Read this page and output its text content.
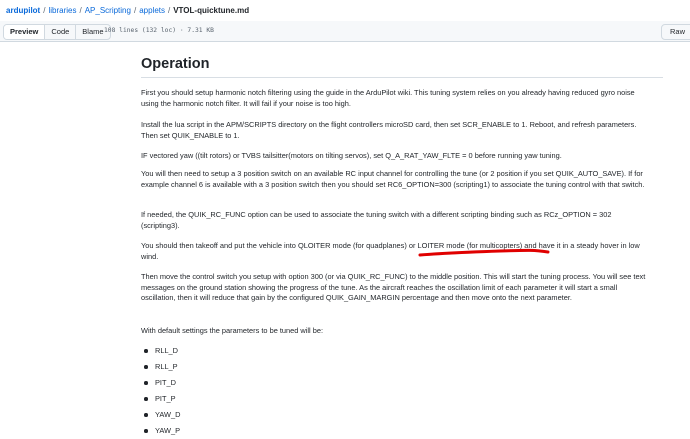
ardupilot / libraries / AP_Scripting / applets / VTOL-quicktune.md
Preview	Code	Blame 108 lines (132 loc) · 7.31 KB	Raw
Operation

First you should setup harmonic notch filtering using the guide in the ArduPilot wiki. This tuning system relies on you already having reduced gyro noise using the harmonic notch filter. It will fail if your noise is too high.

Install the lua script in the APM/SCRIPTS directory on the flight controllers microSD card, then set SCR_ENABLE to 1. Reboot, and refresh parameters. Then set QUIK_ENABLE to 1.

IF vectored yaw ((tilt rotors) or TVBS tailsitter(motors on tilting servos), set Q_A_RAT_YAW_FLTE = 0 before running yaw tuning.

You will then need to setup a 3 position switch on an available RC input channel for controlling the tune (or 2 position if you set QUIK_AUTO_SAVE). If for example channel 6 is available with a 3 position switch then you should set RC6_OPTION=300 (scripting1) to associate the tuning control with that switch.

If needed, the QUIK_RC_FUNC option can be used to associate the tuning switch with a different scripting binding such as RCz_OPTION = 302 (scripting3).

You should then takeoff and put the vehicle into QLOITER mode (for quadplanes) or LOITER mode (for multicopters) and have it in a steady hover in low wind.

Then move the control switch you setup with option 300 (or via QUIK_RC_FUNC) to the middle position. This will start the tuning process. You will see text messages on the ground station showing the progress of the tune. As the aircraft reaches the oscillation limit of each parameter it will start a small oscillation, then it will reduce that gain by the configured QUIK_GAIN_MARGIN percentage and then move onto the next parameter.

With default settings the parameters to be tuned will be:

RLL_D
RLL_P
PIT_D
PIT_P
YAW_D
YAW_P
